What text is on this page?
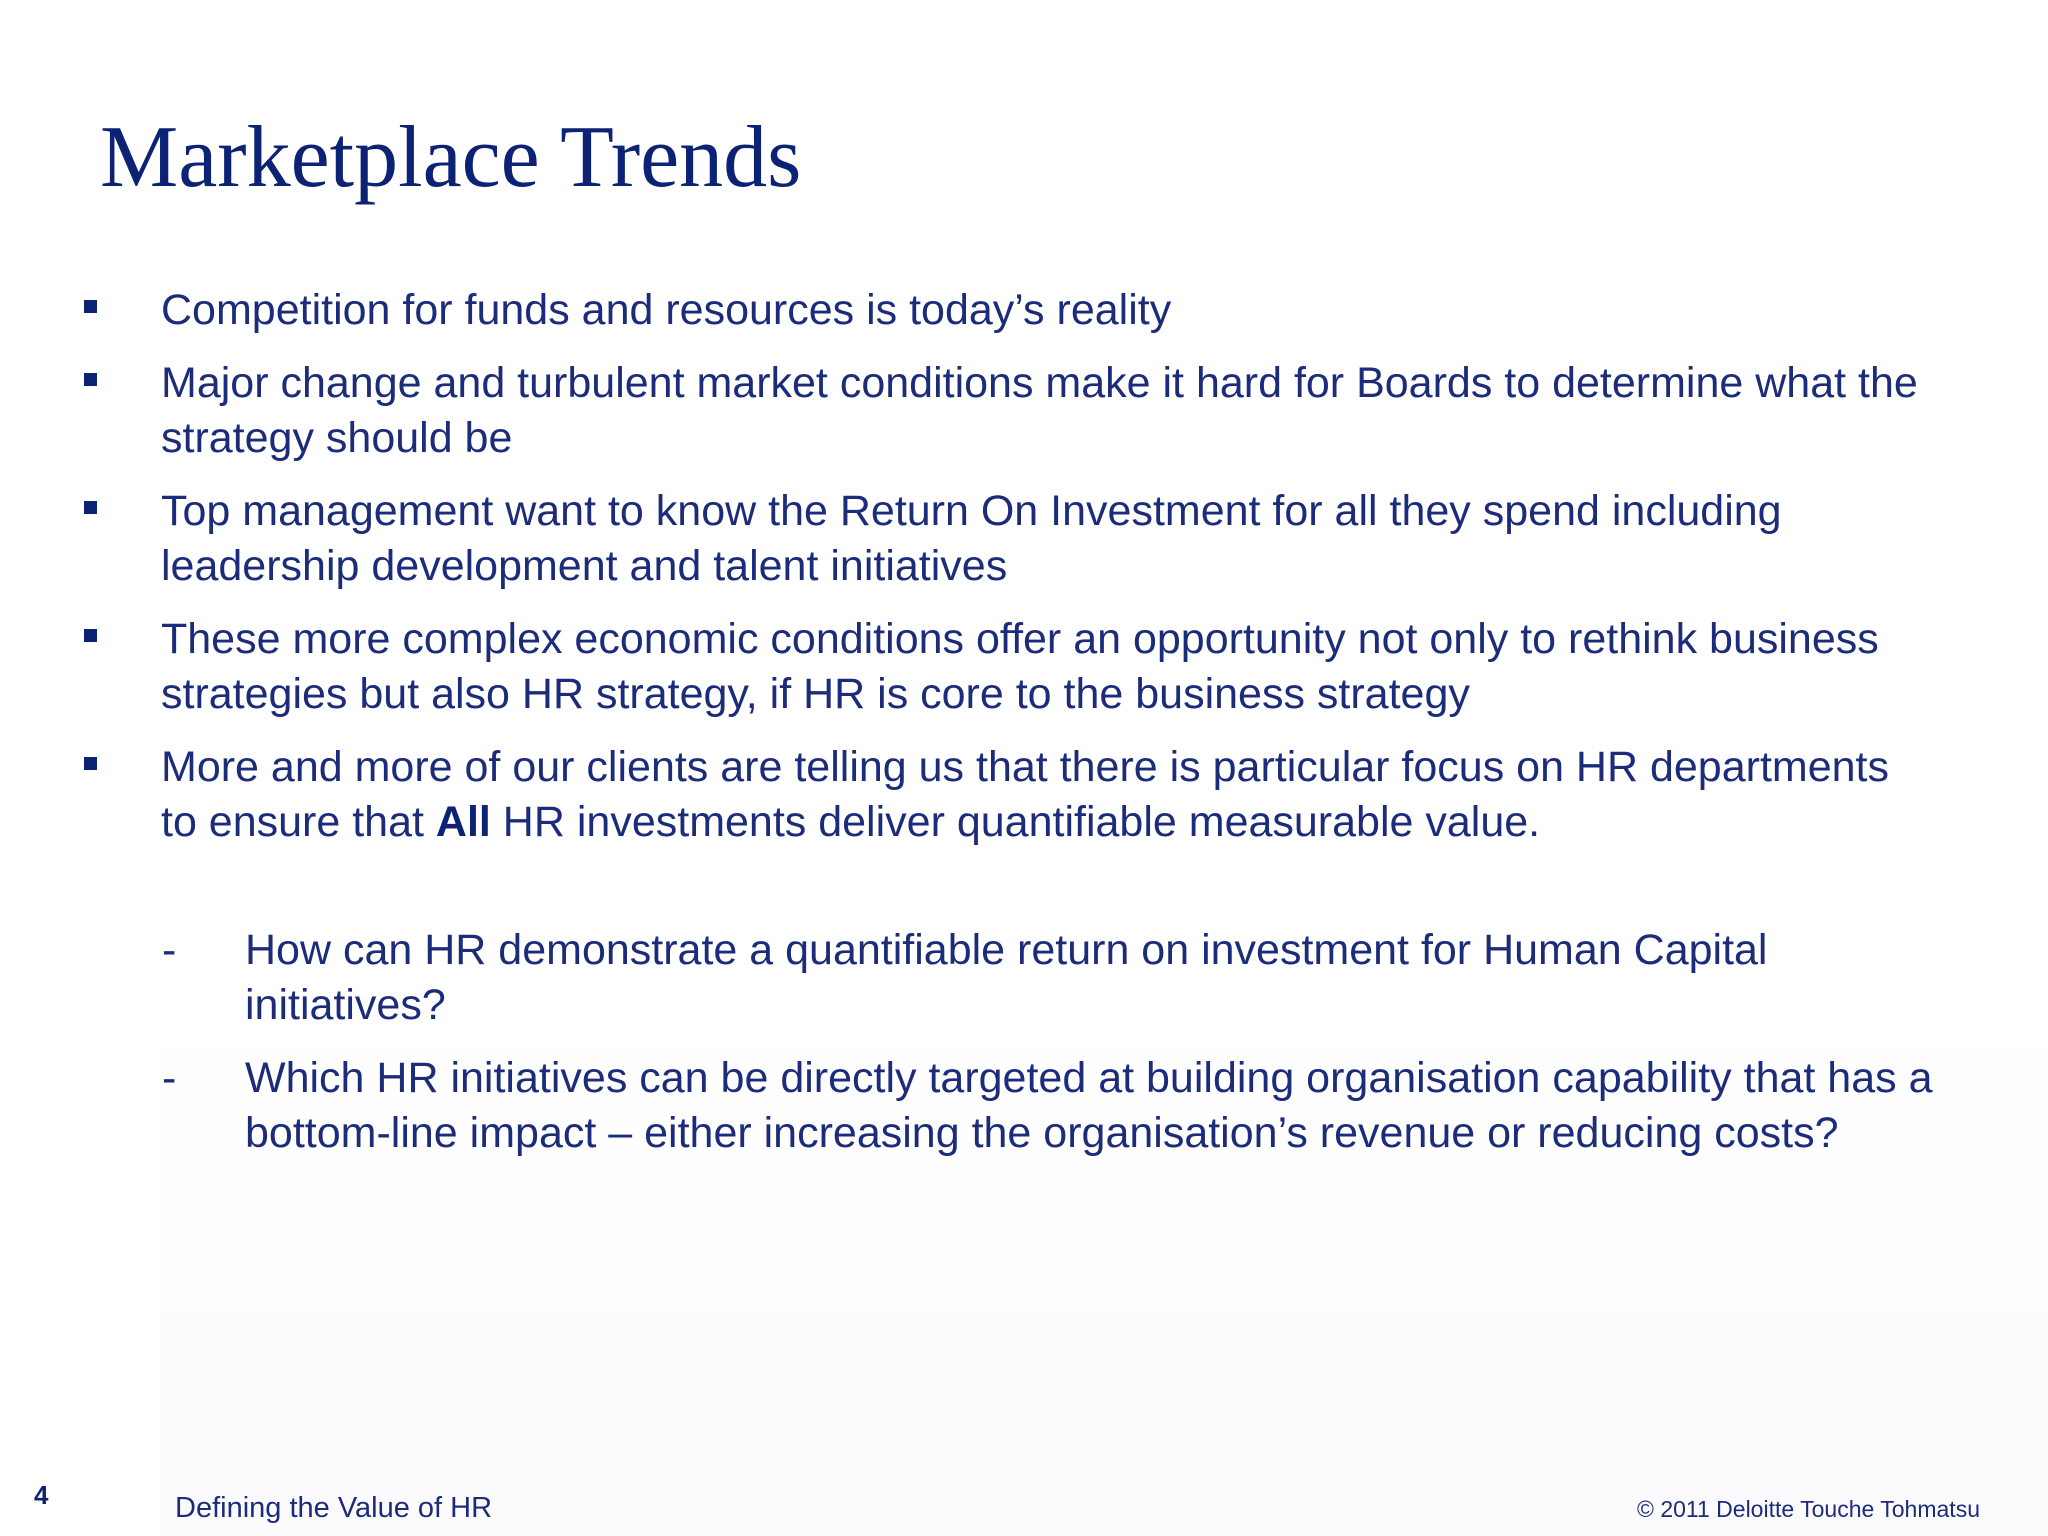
Marketplace Trends
Competition for funds and resources is today’s reality
Major change and turbulent market conditions make it hard for Boards to determine what the strategy should be
Top management want to know the Return On Investment for all they spend including leadership development and talent initiatives
These more complex economic conditions offer an opportunity not only to rethink business strategies but also HR strategy, if HR is core to the business strategy
More and more of our clients are telling us that there is particular focus on HR departments to ensure that All HR investments deliver quantifiable measurable value.
- How can HR demonstrate a quantifiable return on investment for Human Capital initiatives?
- Which HR initiatives can be directly targeted at building organisation capability that has a bottom-line impact – either increasing the organisation’s revenue or reducing costs?
4	Defining the Value of HR	© 2011 Deloitte Touche Tohmatsu
